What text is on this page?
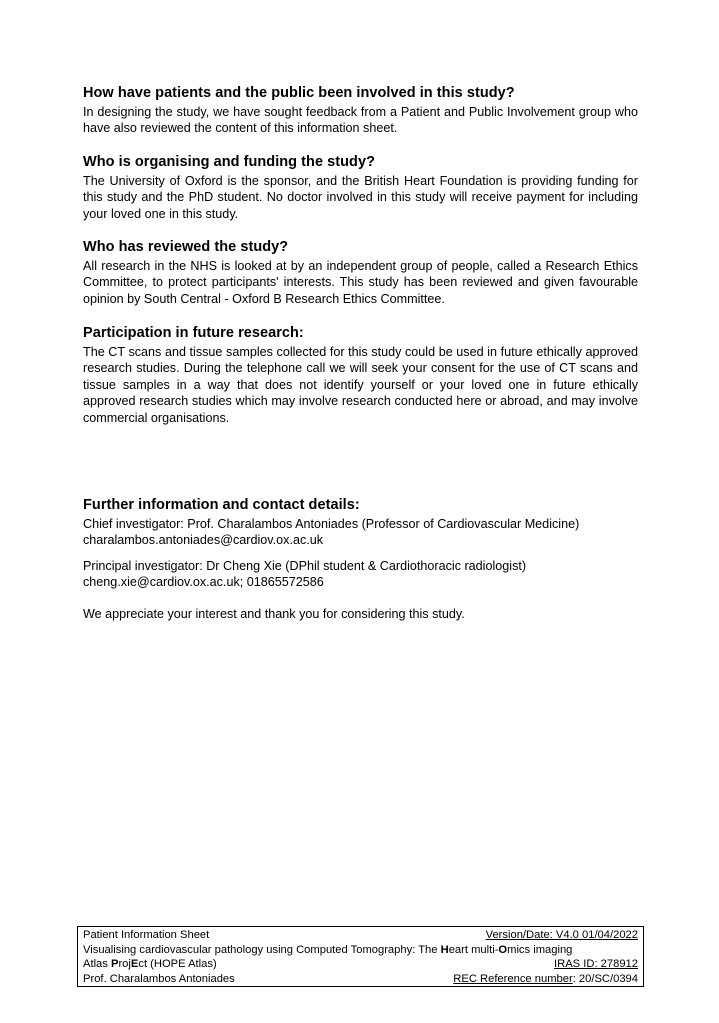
How have patients and the public been involved in this study?

In designing the study, we have sought feedback from a Patient and Public Involvement group who have also reviewed the content of this information sheet.

Who is organising and funding the study?

The University of Oxford is the sponsor, and the British Heart Foundation is providing funding for this study and the PhD student. No doctor involved in this study will receive payment for including your loved one in this study.

Who has reviewed the study?

All research in the NHS is looked at by an independent group of people, called a Research Ethics Committee, to protect participants' interests. This study has been reviewed and given favourable opinion by South Central - Oxford B Research Ethics Committee.

Participation in future research:

The CT scans and tissue samples collected for this study could be used in future ethically approved research studies. During the telephone call we will seek your consent for the use of CT scans and tissue samples in a way that does not identify yourself or your loved one in future ethically approved research studies which may involve research conducted here or abroad, and may involve commercial organisations.

Further information and contact details:
Chief investigator: Prof. Charalambos Antoniades (Professor of Cardiovascular Medicine)
charalambos.antoniades@cardiov.ox.ac.uk
Principal investigator: Dr Cheng Xie (DPhil student & Cardiothoracic radiologist)
cheng.xie@cardiov.ox.ac.uk; 01865572586
We appreciate your interest and thank you for considering this study.
Patient Information Sheet	Version/Date: V4.0 01/04/2022
Visualising cardiovascular pathology using Computed Tomography: The Heart multi-Omics imaging
Atlas ProjEct (HOPE Atlas)	IRAS ID: 278912
Prof. Charalambos Antoniades	REC Reference number: 20/SC/0394
